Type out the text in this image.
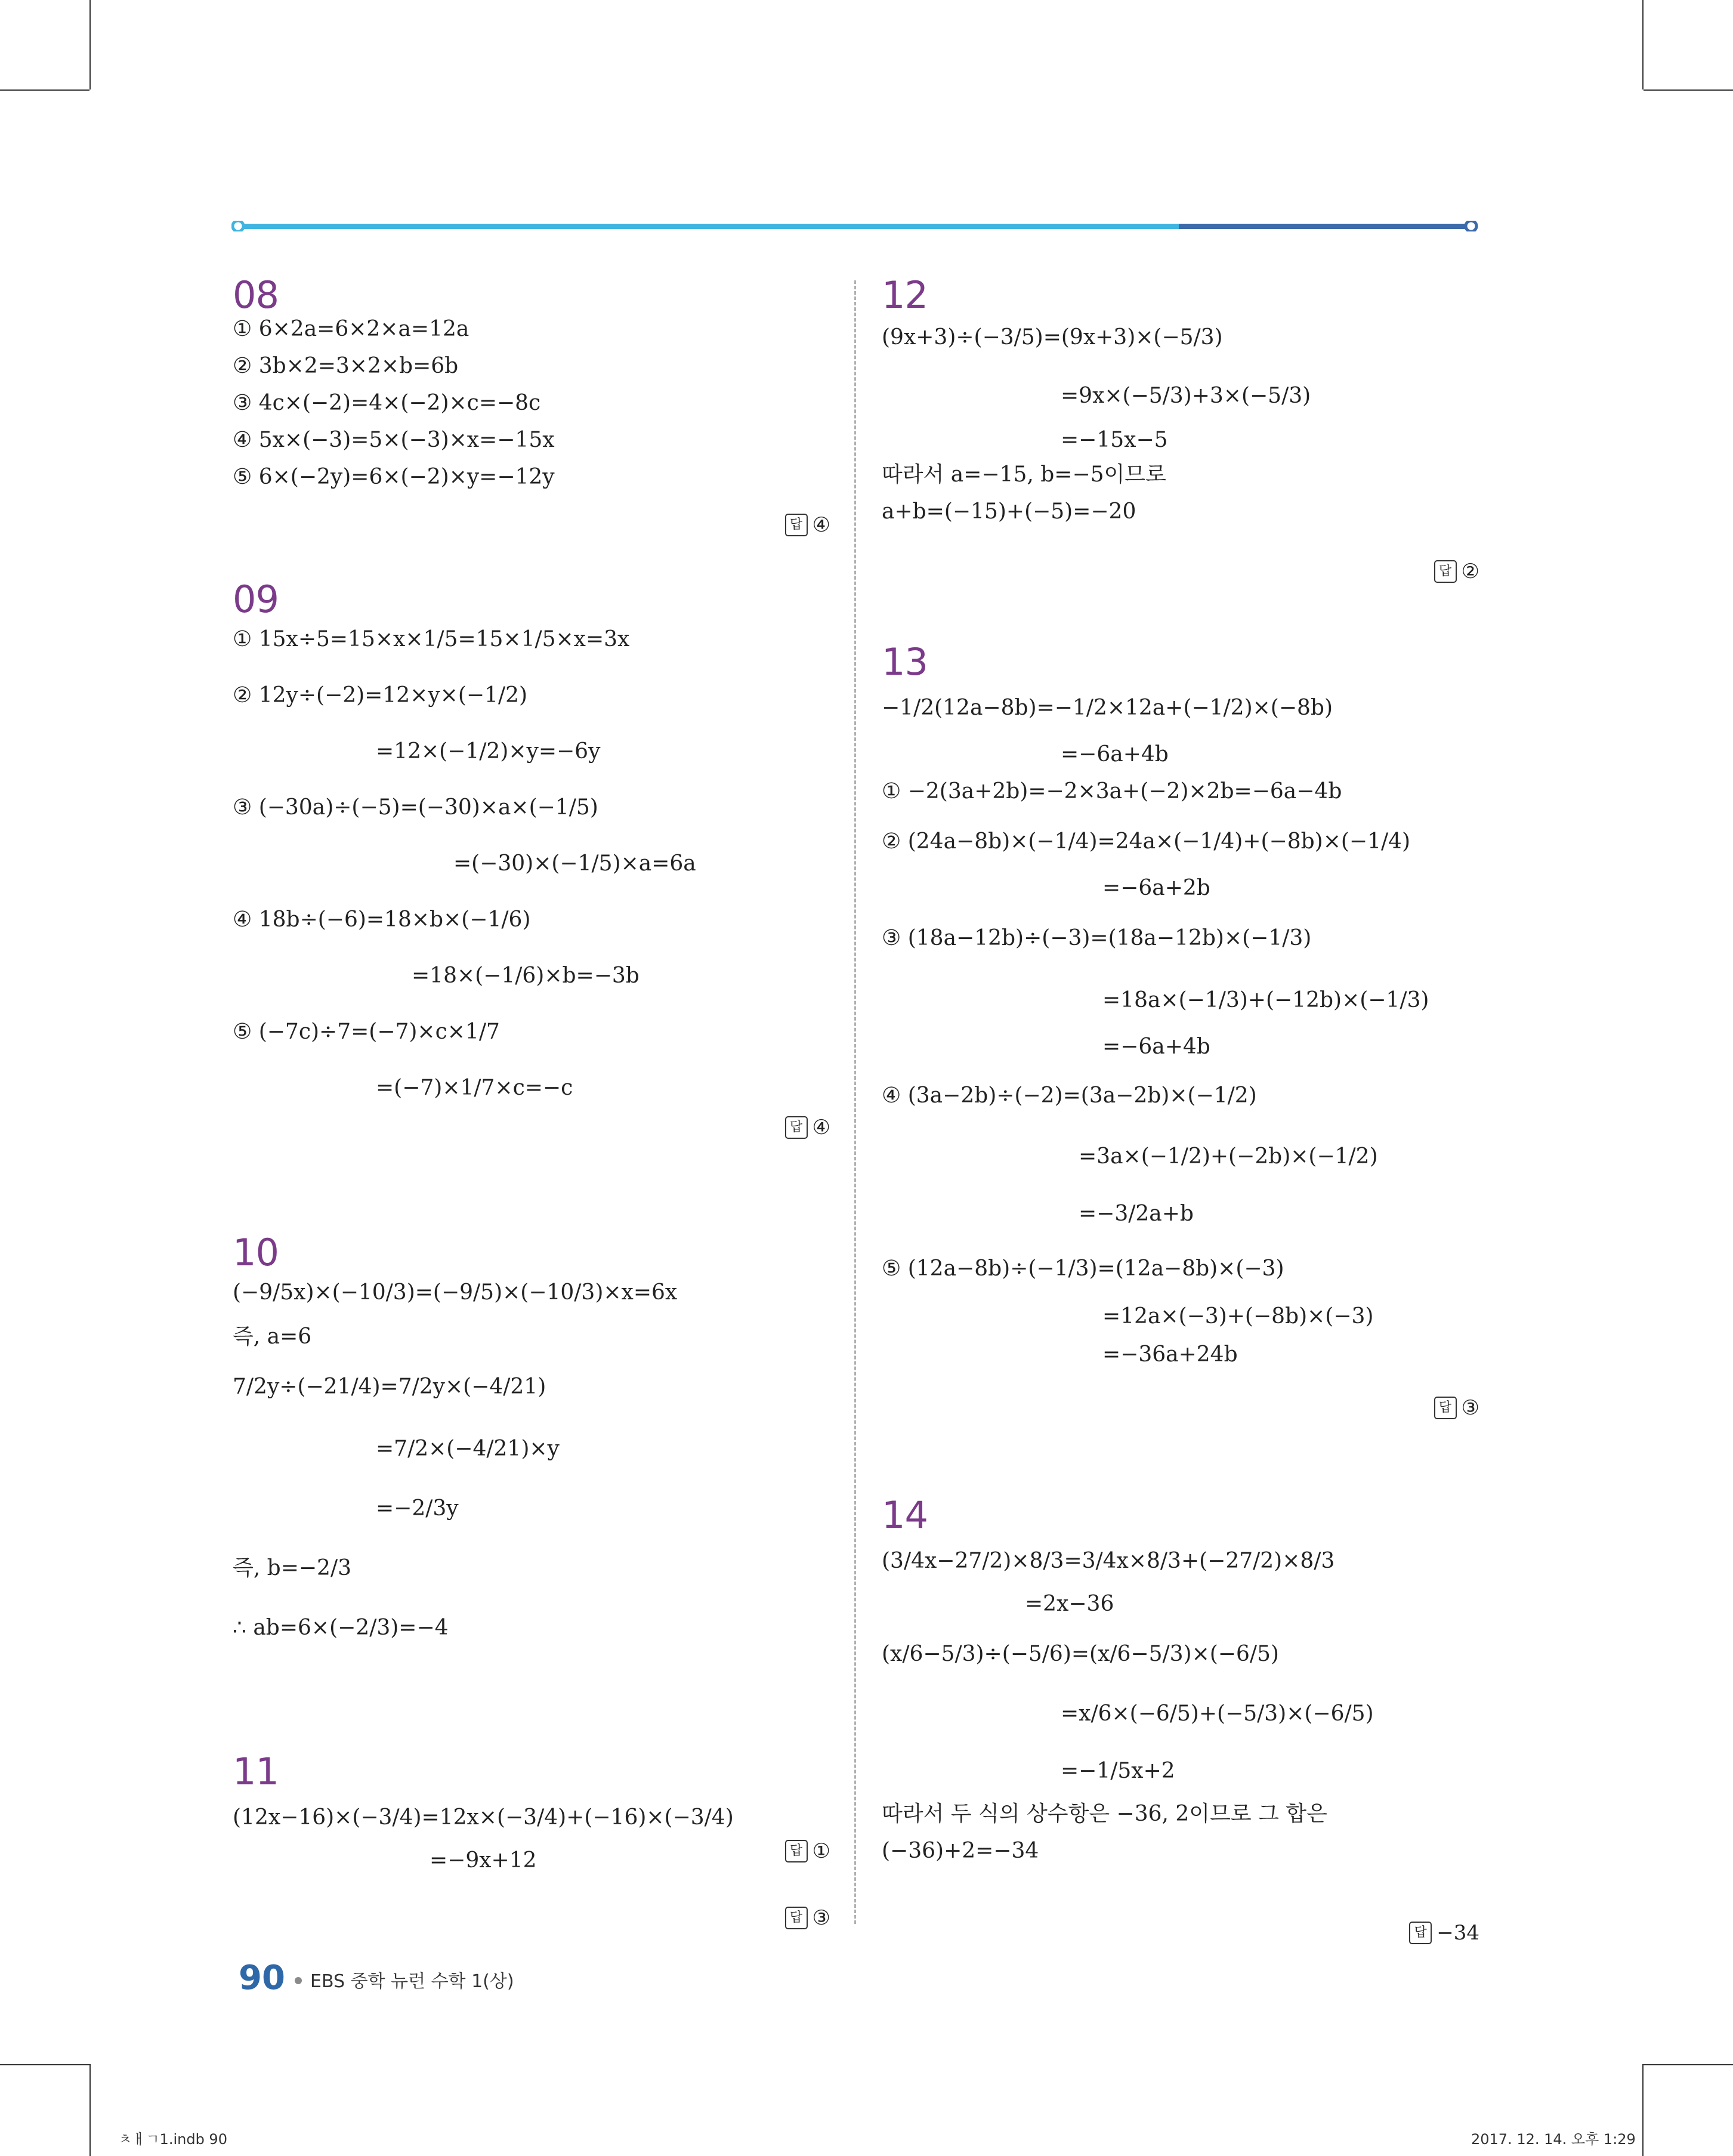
08
① 6×2a=6×2×a=12a
② 3b×2=3×2×b=6b
③ 4c×(−2)=4×(−2)×c=−8c
④ 5x×(−3)=5×(−3)×x=−15x
⑤ 6×(−2y)=6×(−2)×y=−12y
답 ④
09
① 15x÷5=15×x×1/5=15×1/5×x=3x
② 12y÷(−2)=12×y×(−1/2)
=12×(−1/2)×y=−6y
③ (−30a)÷(−5)=(−30)×a×(−1/5)
=(−30)×(−1/5)×a=6a
④ 18b÷(−6)=18×b×(−1/6)
=18×(−1/6)×b=−3b
⑤ (−7c)÷7=(−7)×c×1/7
=(−7)×1/7×c=−c
답 ④
10
(−9/5x)×(−10/3)=(−9/5)×(−10/3)×x=6x
즉, a=6
7/2y÷(−21/4)=7/2y×(−4/21)
=7/2×(−4/21)×y
=−2/3y
즉, b=−2/3
∴ ab=6×(−2/3)=−4
답 ①
11
(12x−16)×(−3/4)=12x×(−3/4)+(−16)×(−3/4)
=−9x+12
답 ③
12
(9x+3)÷(−3/5)=(9x+3)×(−5/3)
=9x×(−5/3)+3×(−5/3)
=−15x−5
따라서 a=−15, b=−5이므로
a+b=(−15)+(−5)=−20
답 ②
13
−1/2(12a−8b)=−1/2×12a+(−1/2)×(−8b)
=−6a+4b
① −2(3a+2b)=−2×3a+(−2)×2b=−6a−4b
② (24a−8b)×(−1/4)=24a×(−1/4)+(−8b)×(−1/4)
=−6a+2b
③ (18a−12b)÷(−3)=(18a−12b)×(−1/3)
=18a×(−1/3)+(−12b)×(−1/3)
=−6a+4b
④ (3a−2b)÷(−2)=(3a−2b)×(−1/2)
=3a×(−1/2)+(−2b)×(−1/2)
=−3/2a+b
⑤ (12a−8b)÷(−1/3)=(12a−8b)×(−3)
=12a×(−3)+(−8b)×(−3)
=−36a+24b
답 ③
14
(3/4x−27/2)×8/3=3/4x×8/3+(−27/2)×8/3
=2x−36
(x/6−5/3)÷(−5/6)=(x/6−5/3)×(−6/5)
=x/6×(−6/5)+(−5/3)×(−6/5)
=−1/5x+2
따라서 두 식의 상수항은 −36, 2이므로 그 합은
(−36)+2=−34
답 −34
90 EBS 중학 뉴런 수학 1(상)
ㅊㅐㄱ1.indb 90	2017. 12. 14. 오후 1:29
